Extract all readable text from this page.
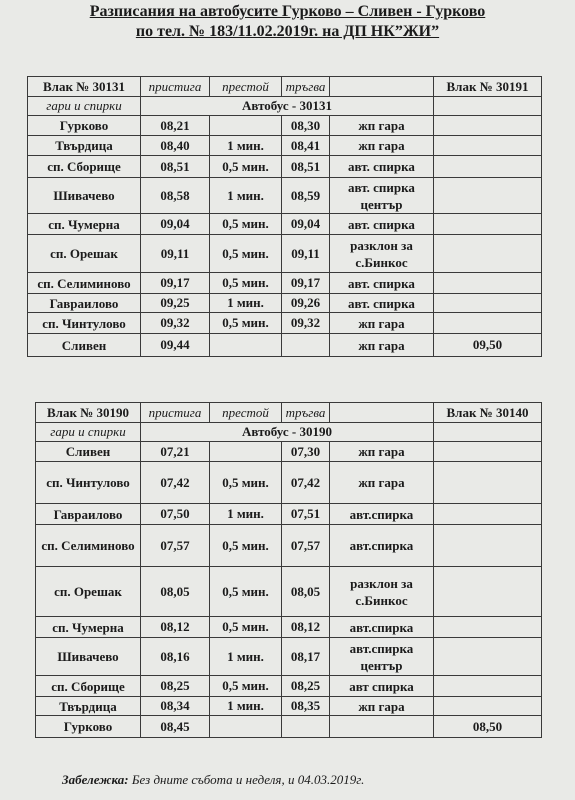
Разписания на автобусите Гурково – Сливен - Гурково
по тел. № 183/11.02.2019г. на ДП НК”ЖИ”
Влак № 30131	пристига	престой	тръгва		Влак № 30191
гари и спирки	Автобус - 30131				
Гурково	08,21		08,30	жп гара	
Твърдица	08,40	1 мин.	08,41	жп гара	
сп. Сборище	08,51	0,5 мин.	08,51	авт. спирка	
Шивачево	08,58	1 мин.	08,59	авт. спирка център	
сп. Чумерна	09,04	0,5 мин.	09,04	авт. спирка	
сп. Орешак	09,11	0,5 мин.	09,11	разклон за с.Бинкос	
сп. Селиминово	09,17	0,5 мин.	09,17	авт. спирка	
Гавраилово	09,25	1 мин.	09,26	авт. спирка	
сп. Чинтулово	09,32	0,5 мин.	09,32	жп гара	
Сливен	09,44			жп гара	09,50
Влак № 30190	пристига	престой	тръгва		Влак № 30140
гари и спирки	Автобус - 30190				
Сливен	07,21		07,30	жп гара	
сп. Чинтулово	07,42	0,5 мин.	07,42	жп гара	
Гавраилово	07,50	1 мин.	07,51	авт.спирка	
сп. Селиминово	07,57	0,5 мин.	07,57	авт.спирка	
сп. Орешак	08,05	0,5 мин.	08,05	разклон за с.Бинкос	
сп. Чумерна	08,12	0,5 мин.	08,12	авт.спирка	
Шивачево	08,16	1 мин.	08,17	авт.спирка център	
сп. Сборище	08,25	0,5 мин.	08,25	авт спирка	
Твърдица	08,34	1 мин.	08,35	жп гара	
Гурково	08,45				08,50
Забележка: Без дните събота и неделя, и 04.03.2019г.
